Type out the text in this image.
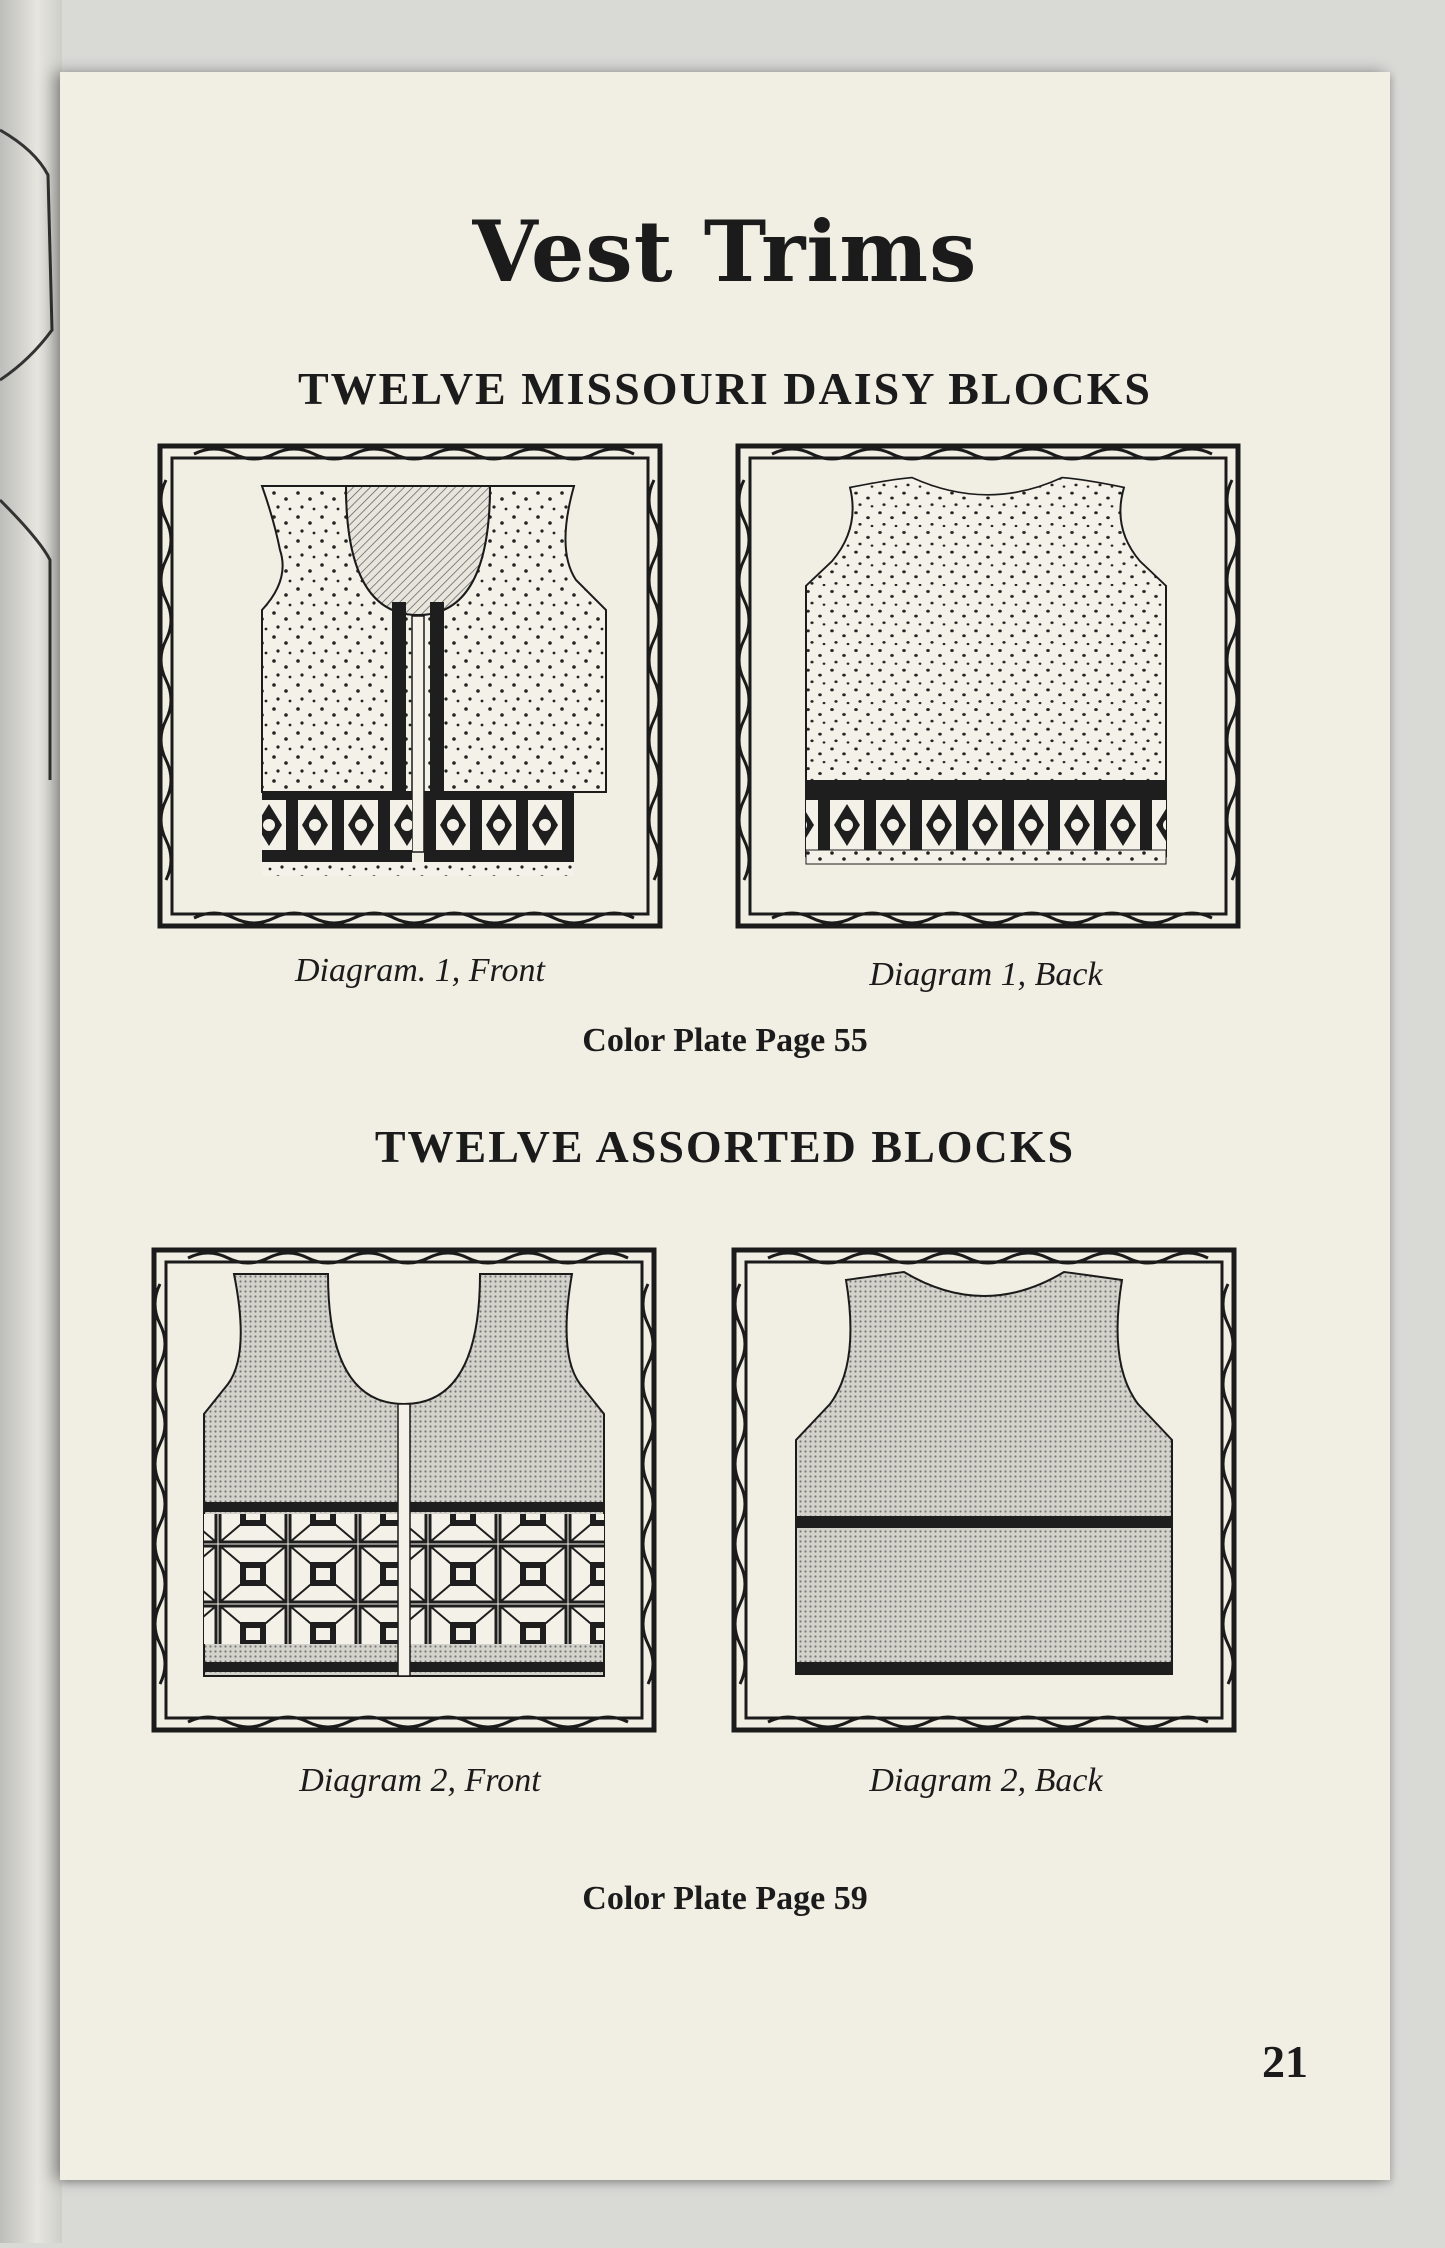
Vest Trims
TWELVE MISSOURI DAISY BLOCKS
Diagram. 1, Front	Diagram 1, Back
Color Plate Page 55
TWELVE ASSORTED BLOCKS
Diagram 2, Front	Diagram 2, Back
Color Plate Page 59
21
